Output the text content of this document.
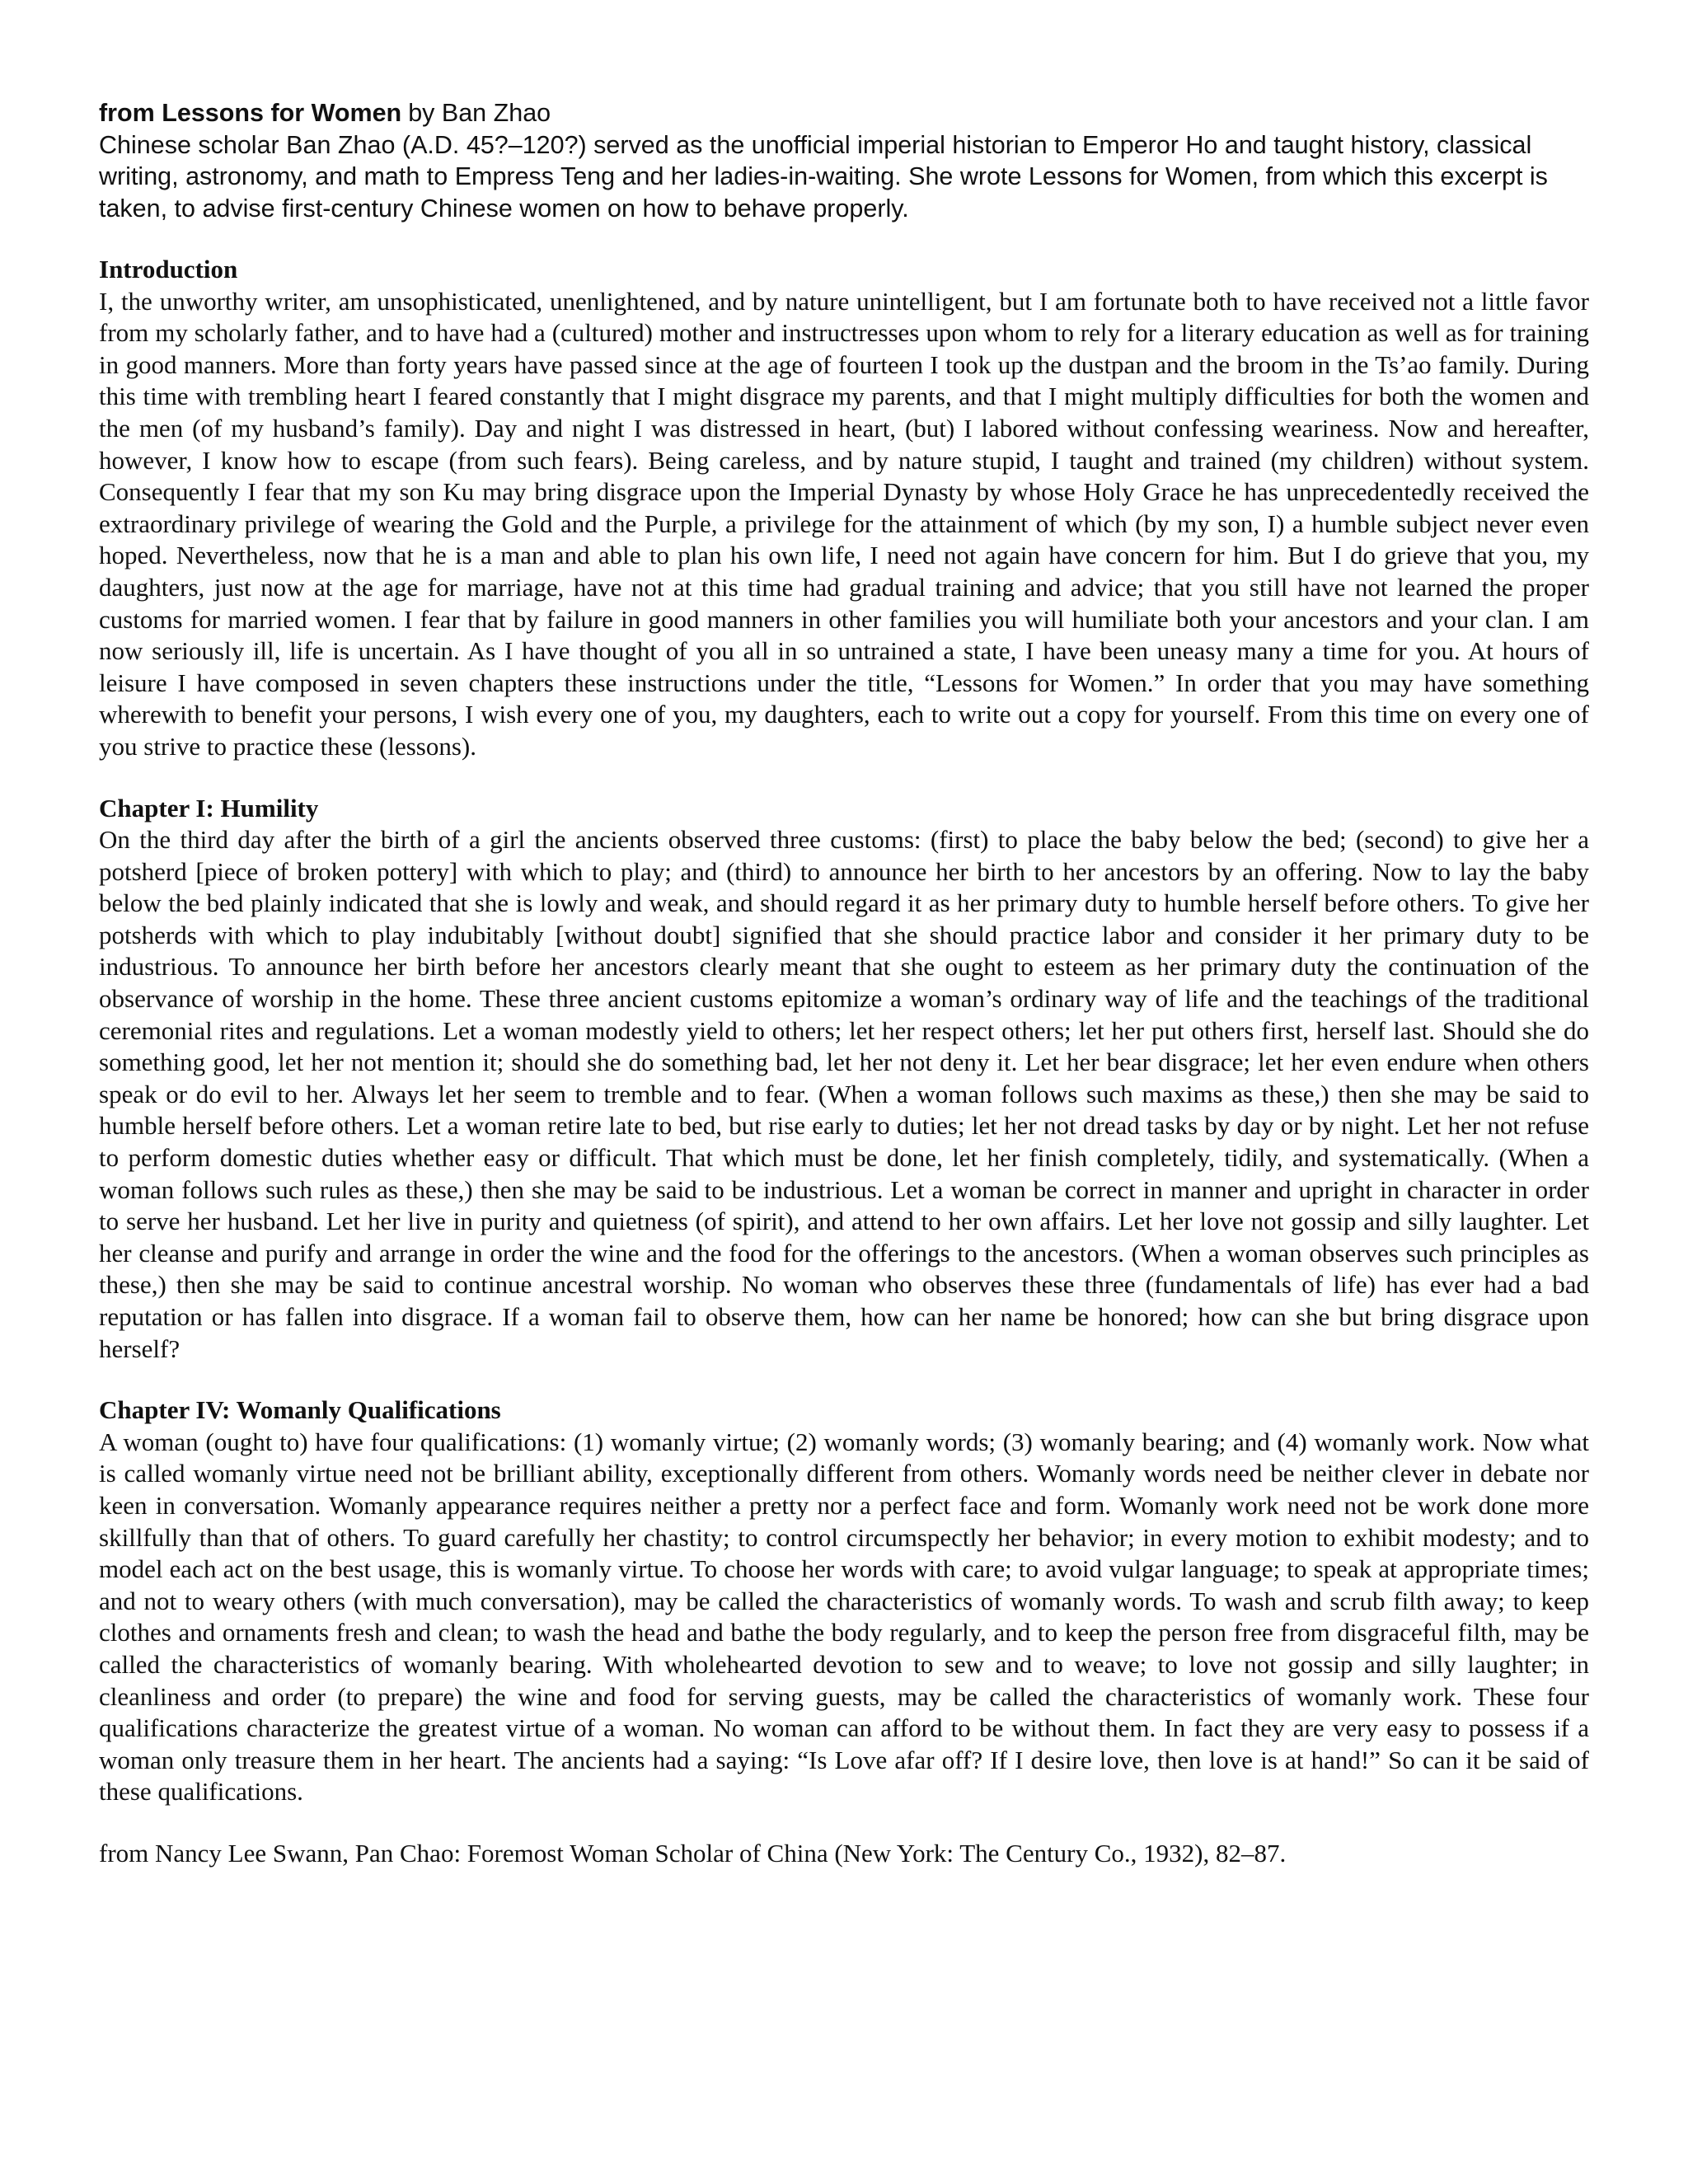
from Lessons for Women by Ban Zhao

Chinese scholar Ban Zhao (A.D. 45?–120?) served as the unofficial imperial historian to Emperor Ho and taught history, classical writing, astronomy, and math to Empress Teng and her ladies-in-waiting. She wrote Lessons for Women, from which this excerpt is taken, to advise first-century Chinese women on how to behave properly.

Introduction

I, the unworthy writer, am unsophisticated, unenlightened, and by nature unintelligent, but I am fortunate both to have received not a little favor from my scholarly father, and to have had a (cultured) mother and instructresses upon whom to rely for a literary education as well as for training in good manners. More than forty years have passed since at the age of fourteen I took up the dustpan and the broom in the Ts’ao family. During this time with trembling heart I feared constantly that I might disgrace my parents, and that I might multiply difficulties for both the women and the men (of my husband’s family). Day and night I was distressed in heart, (but) I labored without confessing weariness. Now and hereafter, however, I know how to escape (from such fears). Being careless, and by nature stupid, I taught and trained (my children) without system. Consequently I fear that my son Ku may bring disgrace upon the Imperial Dynasty by whose Holy Grace he has unprecedentedly received the extraordinary privilege of wearing the Gold and the Purple, a privilege for the attainment of which (by my son, I) a humble subject never even hoped. Nevertheless, now that he is a man and able to plan his own life, I need not again have concern for him. But I do grieve that you, my daughters, just now at the age for marriage, have not at this time had gradual training and advice; that you still have not learned the proper customs for married women. I fear that by failure in good manners in other families you will humiliate both your ancestors and your clan. I am now seriously ill, life is uncertain. As I have thought of you all in so untrained a state, I have been uneasy many a time for you. At hours of leisure I have composed in seven chapters these instructions under the title, “Lessons for Women.” In order that you may have something wherewith to benefit your persons, I wish every one of you, my daughters, each to write out a copy for yourself. From this time on every one of you strive to practice these (lessons).

Chapter I: Humility

On the third day after the birth of a girl the ancients observed three customs: (first) to place the baby below the bed; (second) to give her a potsherd [piece of broken pottery] with which to play; and (third) to announce her birth to her ancestors by an offering. Now to lay the baby below the bed plainly indicated that she is lowly and weak, and should regard it as her primary duty to humble herself before others. To give her potsherds with which to play indubitably [without doubt] signified that she should practice labor and consider it her primary duty to be industrious. To announce her birth before her ancestors clearly meant that she ought to esteem as her primary duty the continuation of the observance of worship in the home. These three ancient customs epitomize a woman’s ordinary way of life and the teachings of the traditional ceremonial rites and regulations. Let a woman modestly yield to others; let her respect others; let her put others first, herself last. Should she do something good, let her not mention it; should she do something bad, let her not deny it. Let her bear disgrace; let her even endure when others speak or do evil to her. Always let her seem to tremble and to fear. (When a woman follows such maxims as these,) then she may be said to humble herself before others. Let a woman retire late to bed, but rise early to duties; let her not dread tasks by day or by night. Let her not refuse to perform domestic duties whether easy or difficult. That which must be done, let her finish completely, tidily, and systematically. (When a woman follows such rules as these,) then she may be said to be industrious. Let a woman be correct in manner and upright in character in order to serve her husband. Let her live in purity and quietness (of spirit), and attend to her own affairs. Let her love not gossip and silly laughter. Let her cleanse and purify and arrange in order the wine and the food for the offerings to the ancestors. (When a woman observes such principles as these,) then she may be said to continue ancestral worship. No woman who observes these three (fundamentals of life) has ever had a bad reputation or has fallen into disgrace. If a woman fail to observe them, how can her name be honored; how can she but bring disgrace upon herself?

Chapter IV: Womanly Qualifications

A woman (ought to) have four qualifications: (1) womanly virtue; (2) womanly words; (3) womanly bearing; and (4) womanly work. Now what is called womanly virtue need not be brilliant ability, exceptionally different from others. Womanly words need be neither clever in debate nor keen in conversation. Womanly appearance requires neither a pretty nor a perfect face and form. Womanly work need not be work done more skillfully than that of others. To guard carefully her chastity; to control circumspectly her behavior; in every motion to exhibit modesty; and to model each act on the best usage, this is womanly virtue. To choose her words with care; to avoid vulgar language; to speak at appropriate times; and not to weary others (with much conversation), may be called the characteristics of womanly words. To wash and scrub filth away; to keep clothes and ornaments fresh and clean; to wash the head and bathe the body regularly, and to keep the person free from disgraceful filth, may be called the characteristics of womanly bearing. With wholehearted devotion to sew and to weave; to love not gossip and silly laughter; in cleanliness and order (to prepare) the wine and food for serving guests, may be called the characteristics of womanly work. These four qualifications characterize the greatest virtue of a woman. No woman can afford to be without them. In fact they are very easy to possess if a woman only treasure them in her heart. The ancients had a saying: “Is Love afar off? If I desire love, then love is at hand!” So can it be said of these qualifications.

from Nancy Lee Swann, Pan Chao: Foremost Woman Scholar of China (New York: The Century Co., 1932), 82–87.
